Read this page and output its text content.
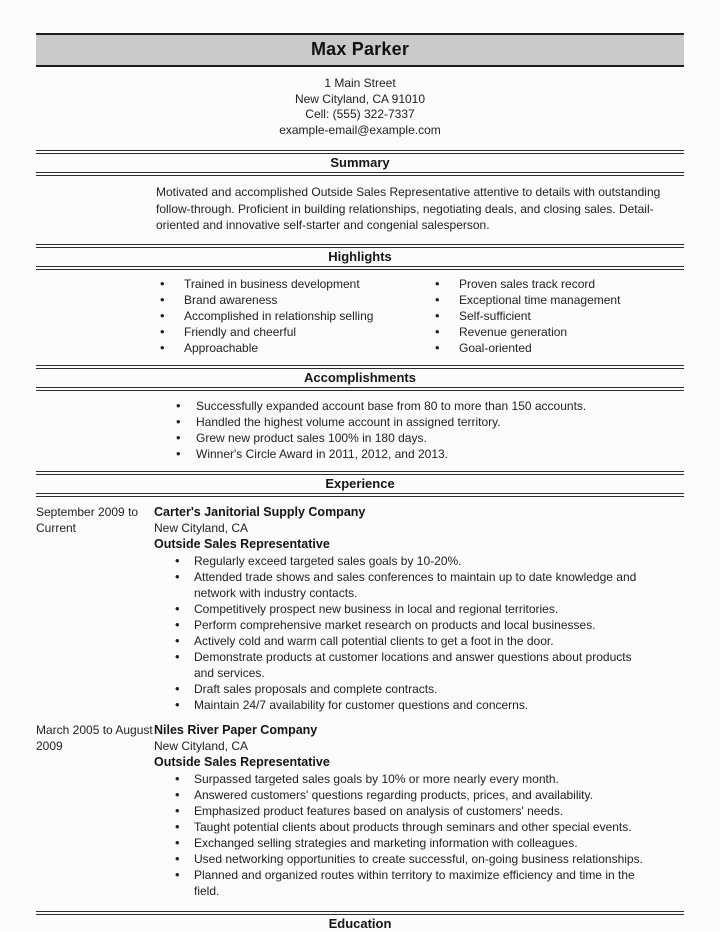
Max Parker
1 Main Street
New Cityland, CA 91010
Cell: (555) 322-7337
example-email@example.com
Summary

Motivated and accomplished Outside Sales Representative attentive to details with outstanding follow-through. Proficient in building relationships, negotiating deals, and closing sales. Detail-oriented and innovative self-starter and congenial salesperson.

Highlights
• Trained in business development
• Brand awareness
• Accomplished in relationship selling
• Friendly and cheerful
• Approachable
• Proven sales track record
• Exceptional time management
• Self-sufficient
• Revenue generation
• Goal-oriented
Accomplishments
• Successfully expanded account base from 80 to more than 150 accounts.
• Handled the highest volume account in assigned territory.
• Grew new product sales 100% in 180 days.
• Winner's Circle Award in 2011, 2012, and 2013.
Experience
September 2009 to Current
Carter's Janitorial Supply Company
New Cityland, CA
Outside Sales Representative
• Regularly exceed targeted sales goals by 10-20%.
• Attended trade shows and sales conferences to maintain up to date knowledge and network with industry contacts.
• Competitively prospect new business in local and regional territories.
• Perform comprehensive market research on products and local businesses.
• Actively cold and warm call potential clients to get a foot in the door.
• Demonstrate products at customer locations and answer questions about products and services.
• Draft sales proposals and complete contracts.
• Maintain 24/7 availability for customer questions and concerns.
March 2005 to August 2009
Niles River Paper Company
New Cityland, CA
Outside Sales Representative
• Surpassed targeted sales goals by 10% or more nearly every month.
• Answered customers' questions regarding products, prices, and availability.
• Emphasized product features based on analysis of customers' needs.
• Taught potential clients about products through seminars and other special events.
• Exchanged selling strategies and marketing information with colleagues.
• Used networking opportunities to create successful, on-going business relationships.
• Planned and organized routes within territory to maximize efficiency and time in the field.
Education
